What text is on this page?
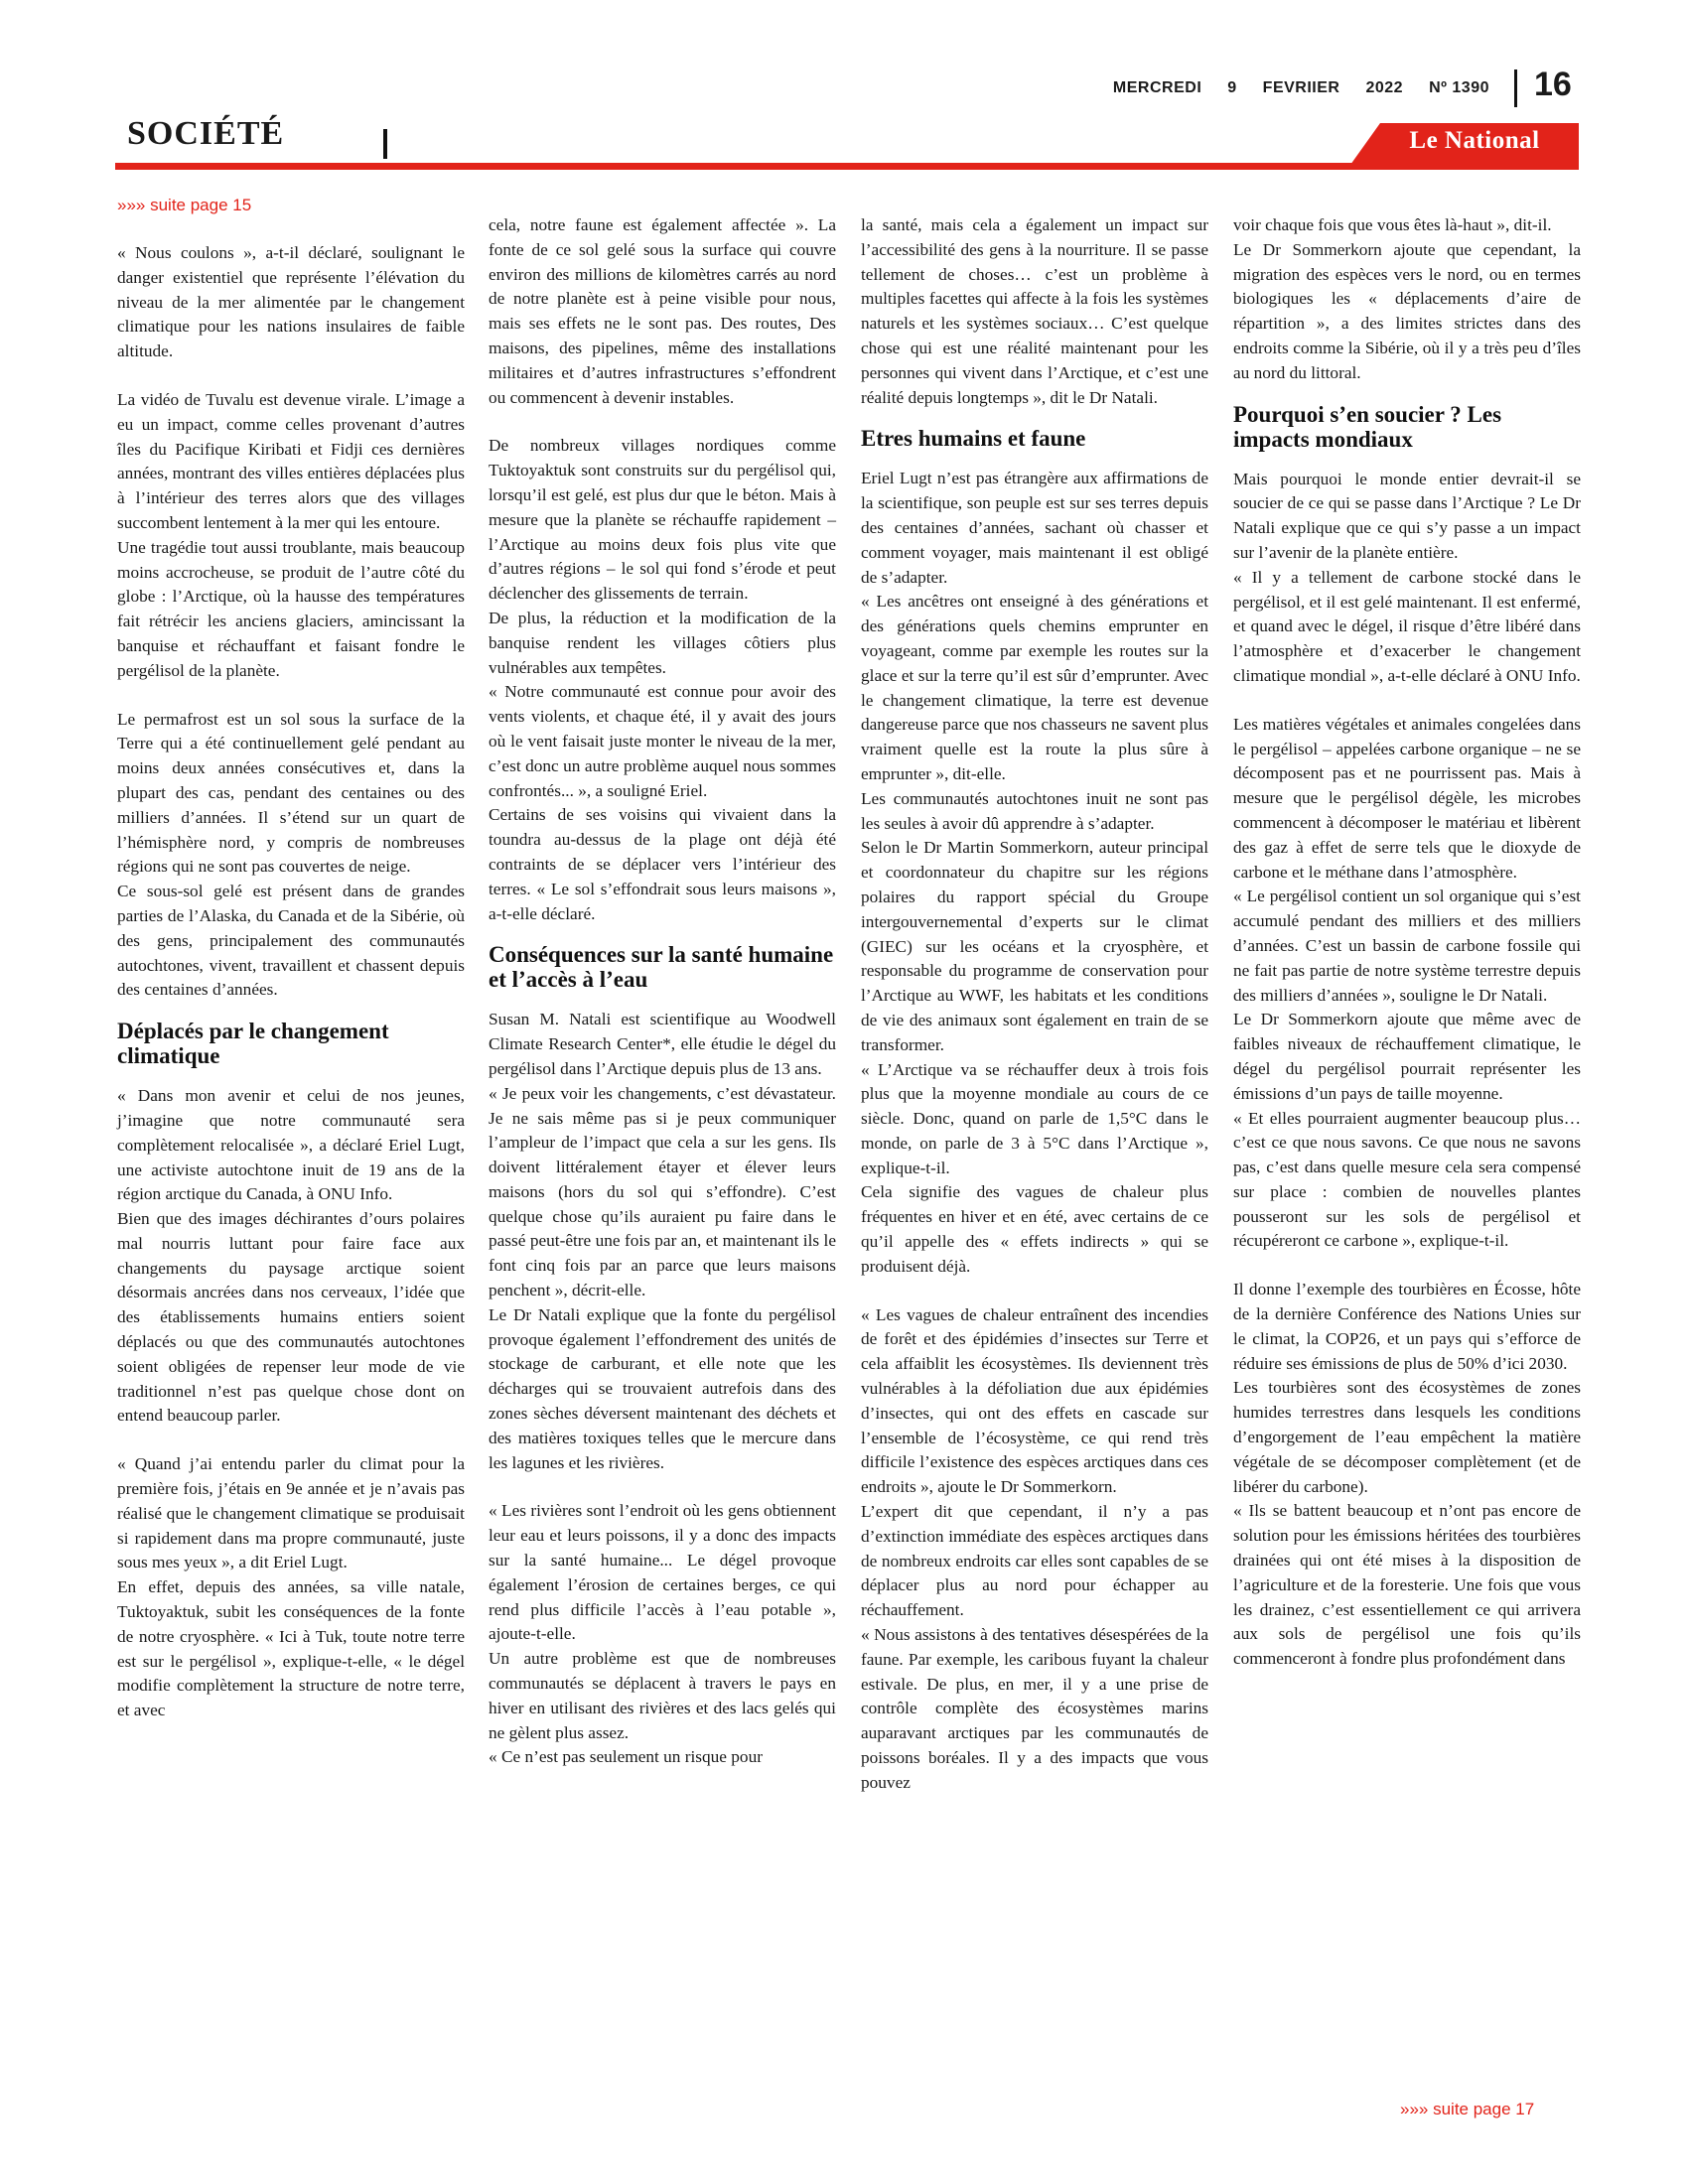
MERCREDI 9 FEVRIIER 2022 Nº 1390 16
SOCIÉTÉ	Le National
»»» suite page 15

« Nous coulons », a-t-il déclaré, soulignant le danger existentiel que représente l’élévation du niveau de la mer alimentée par le changement climatique pour les nations insulaires de faible altitude.

La vidéo de Tuvalu est devenue virale. L’image a eu un impact, comme celles provenant d’autres îles du Pacifique Kiribati et Fidji ces dernières années, montrant des villes entières déplacées plus à l’intérieur des terres alors que des villages succombent lentement à la mer qui les entoure.

Une tragédie tout aussi troublante, mais beaucoup moins accrocheuse, se produit de l’autre côté du globe : l’Arctique, où la hausse des températures fait rétrécir les anciens glaciers, amincissant la banquise et réchauffant et faisant fondre le pergélisol de la planète.

Le permafrost est un sol sous la surface de la Terre qui a été continuellement gelé pendant au moins deux années consécutives et, dans la plupart des cas, pendant des centaines ou des milliers d’années. Il s’étend sur un quart de l’hémisphère nord, y compris de nombreuses régions qui ne sont pas couvertes de neige.

Ce sous-sol gelé est présent dans de grandes parties de l’Alaska, du Canada et de la Sibérie, où des gens, principalement des communautés autochtones, vivent, travaillent et chassent depuis des centaines d’années.

Déplacés par le changement climatique

« Dans mon avenir et celui de nos jeunes, j’imagine que notre communauté sera complètement relocalisée », a déclaré Eriel Lugt, une activiste autochtone inuit de 19 ans de la région arctique du Canada, à ONU Info.

Bien que des images déchirantes d’ours polaires mal nourris luttant pour faire face aux changements du paysage arctique soient désormais ancrées dans nos cerveaux, l’idée que des établissements humains entiers soient déplacés ou que des communautés autochtones soient obligées de repenser leur mode de vie traditionnel n’est pas quelque chose dont on entend beaucoup parler.

« Quand j’ai entendu parler du climat pour la première fois, j’étais en 9e année et je n’avais pas réalisé que le changement climatique se produisait si rapidement dans ma propre communauté, juste sous mes yeux », a dit Eriel Lugt.

En effet, depuis des années, sa ville natale, Tuktoyaktuk, subit les conséquences de la fonte de notre cryosphère. « Ici à Tuk, toute notre terre est sur le pergélisol », explique-t-elle, « le dégel modifie complètement la structure de notre terre, et avec

cela, notre faune est également affectée ». La fonte de ce sol gelé sous la surface qui couvre environ des millions de kilomètres carrés au nord de notre planète est à peine visible pour nous, mais ses effets ne le sont pas. Des routes, Des maisons, des pipelines, même des installations militaires et d’autres infrastructures s’effondrent ou commencent à devenir instables.

De nombreux villages nordiques comme Tuktoyaktuk sont construits sur du pergélisol qui, lorsqu’il est gelé, est plus dur que le béton. Mais à mesure que la planète se réchauffe rapidement – l’Arctique au moins deux fois plus vite que d’autres régions – le sol qui fond s’érode et peut déclencher des glissements de terrain.

De plus, la réduction et la modification de la banquise rendent les villages côtiers plus vulnérables aux tempêtes.

« Notre communauté est connue pour avoir des vents violents, et chaque été, il y avait des jours où le vent faisait juste monter le niveau de la mer, c’est donc un autre problème auquel nous sommes confrontés... », a souligné Eriel.

Certains de ses voisins qui vivaient dans la toundra au-dessus de la plage ont déjà été contraints de se déplacer vers l’intérieur des terres. « Le sol s’effondrait sous leurs maisons », a-t-elle déclaré.

Conséquences sur la santé humaine et l’accès à l’eau

Susan M. Natali est scientifique au Woodwell Climate Research Center*, elle étudie le dégel du pergélisol dans l’Arctique depuis plus de 13 ans.

« Je peux voir les changements, c’est dévastateur. Je ne sais même pas si je peux communiquer l’ampleur de l’impact que cela a sur les gens. Ils doivent littéralement étayer et élever leurs maisons (hors du sol qui s’effondre). C’est quelque chose qu’ils auraient pu faire dans le passé peut-être une fois par an, et maintenant ils le font cinq fois par an parce que leurs maisons penchent », décrit-elle.

Le Dr Natali explique que la fonte du pergélisol provoque également l’effondrement des unités de stockage de carburant, et elle note que les décharges qui se trouvaient autrefois dans des zones sèches déversent maintenant des déchets et des matières toxiques telles que le mercure dans les lagunes et les rivières.

« Les rivières sont l’endroit où les gens obtiennent leur eau et leurs poissons, il y a donc des impacts sur la santé humaine... Le dégel provoque également l’érosion de certaines berges, ce qui rend plus difficile l’accès à l’eau potable », ajoute-t-elle.

Un autre problème est que de nombreuses communautés se déplacent à travers le pays en hiver en utilisant des rivières et des lacs gelés qui ne gèlent plus assez.

« Ce n’est pas seulement un risque pour

la santé, mais cela a également un impact sur l’accessibilité des gens à la nourriture. Il se passe tellement de choses… c’est un problème à multiples facettes qui affecte à la fois les systèmes naturels et les systèmes sociaux… C’est quelque chose qui est une réalité maintenant pour les personnes qui vivent dans l’Arctique, et c’est une réalité depuis longtemps », dit le Dr Natali.

Etres humains et faune

Eriel Lugt n’est pas étrangère aux affirmations de la scientifique, son peuple est sur ses terres depuis des centaines d’années, sachant où chasser et comment voyager, mais maintenant il est obligé de s’adapter.

« Les ancêtres ont enseigné à des générations et des générations quels chemins emprunter en voyageant, comme par exemple les routes sur la glace et sur la terre qu’il est sûr d’emprunter. Avec le changement climatique, la terre est devenue dangereuse parce que nos chasseurs ne savent plus vraiment quelle est la route la plus sûre à emprunter », dit-elle.

Les communautés autochtones inuit ne sont pas les seules à avoir dû apprendre à s’adapter.

Selon le Dr Martin Sommerkorn, auteur principal et coordonnateur du chapitre sur les régions polaires du rapport spécial du Groupe intergouvernemental d’experts sur le climat (GIEC) sur les océans et la cryosphère, et responsable du programme de conservation pour l’Arctique au WWF, les habitats et les conditions de vie des animaux sont également en train de se transformer.

« L’Arctique va se réchauffer deux à trois fois plus que la moyenne mondiale au cours de ce siècle. Donc, quand on parle de 1,5°C dans le monde, on parle de 3 à 5°C dans l’Arctique », explique-t-il.

Cela signifie des vagues de chaleur plus fréquentes en hiver et en été, avec certains de ce qu’il appelle des « effets indirects » qui se produisent déjà.

« Les vagues de chaleur entraînent des incendies de forêt et des épidémies d’insectes sur Terre et cela affaiblit les écosystèmes. Ils deviennent très vulnérables à la défoliation due aux épidémies d’insectes, qui ont des effets en cascade sur l’ensemble de l’écosystème, ce qui rend très difficile l’existence des espèces arctiques dans ces endroits », ajoute le Dr Sommerkorn.

L’expert dit que cependant, il n’y a pas d’extinction immédiate des espèces arctiques dans de nombreux endroits car elles sont capables de se déplacer plus au nord pour échapper au réchauffement.

« Nous assistons à des tentatives désespérées de la faune. Par exemple, les caribous fuyant la chaleur estivale. De plus, en mer, il y a une prise de contrôle complète des écosystèmes marins auparavant arctiques par les communautés de poissons boréales. Il y a des impacts que vous pouvez

voir chaque fois que vous êtes là-haut », dit-il.

Le Dr Sommerkorn ajoute que cependant, la migration des espèces vers le nord, ou en termes biologiques les « déplacements d’aire de répartition », a des limites strictes dans des endroits comme la Sibérie, où il y a très peu d’îles au nord du littoral.

Pourquoi s’en soucier ? Les impacts mondiaux

Mais pourquoi le monde entier devrait-il se soucier de ce qui se passe dans l’Arctique ? Le Dr Natali explique que ce qui s’y passe a un impact sur l’avenir de la planète entière.

« Il y a tellement de carbone stocké dans le pergélisol, et il est gelé maintenant. Il est enfermé, et quand avec le dégel, il risque d’être libéré dans l’atmosphère et d’exacerber le changement climatique mondial », a-t-elle déclaré à ONU Info.

Les matières végétales et animales congelées dans le pergélisol – appelées carbone organique – ne se décomposent pas et ne pourrissent pas. Mais à mesure que le pergélisol dégèle, les microbes commencent à décomposer le matériau et libèrent des gaz à effet de serre tels que le dioxyde de carbone et le méthane dans l’atmosphère.

« Le pergélisol contient un sol organique qui s’est accumulé pendant des milliers et des milliers d’années. C’est un bassin de carbone fossile qui ne fait pas partie de notre système terrestre depuis des milliers d’années », souligne le Dr Natali.

Le Dr Sommerkorn ajoute que même avec de faibles niveaux de réchauffement climatique, le dégel du pergélisol pourrait représenter les émissions d’un pays de taille moyenne.

« Et elles pourraient augmenter beaucoup plus… c’est ce que nous savons. Ce que nous ne savons pas, c’est dans quelle mesure cela sera compensé sur place : combien de nouvelles plantes pousseront sur les sols de pergélisol et récupéreront ce carbone », explique-t-il.

Il donne l’exemple des tourbières en Écosse, hôte de la dernière Conférence des Nations Unies sur le climat, la COP26, et un pays qui s’efforce de réduire ses émissions de plus de 50% d’ici 2030.

Les tourbières sont des écosystèmes de zones humides terrestres dans lesquels les conditions d’engorgement de l’eau empêchent la matière végétale de se décomposer complètement (et de libérer du carbone).

« Ils se battent beaucoup et n’ont pas encore de solution pour les émissions héritées des tourbières drainées qui ont été mises à la disposition de l’agriculture et de la foresterie. Une fois que vous les drainez, c’est essentiellement ce qui arrivera aux sols de pergélisol une fois qu’ils commenceront à fondre plus profondément dans

»»» suite page 17
